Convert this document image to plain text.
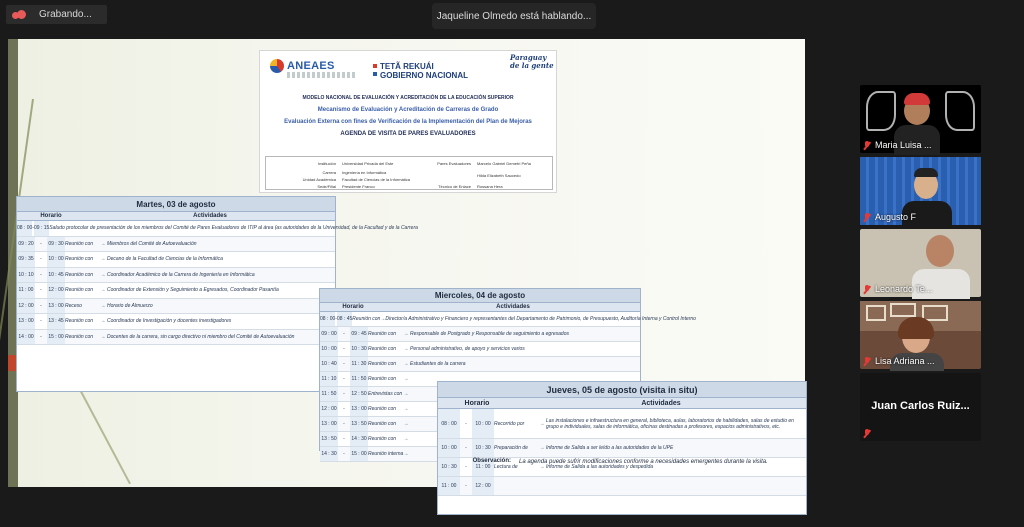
Grabando...	Jaqueline Olmedo está hablando...
ANEAES	TETÃ REKUÁI
GOBIERNO NACIONAL
Paraguay de la gente
MODELO NACIONAL DE EVALUACIÓN Y ACREDITACIÓN DE LA EDUCACIÓN SUPERIOR
Mecanismo de Evaluación y Acreditación de Carreras de Grado
Evaluación Externa con fines de Verificación de la Implementación del Plan de Mejoras
AGENDA DE VISITA DE PARES EVALUADORES
Institución Universidad Privada del Este
Carrera Ingeniería en Informática
Unidad Académica Facultad de Ciencias de la Informática
Sede/Filial Presidente Franco
Pares Evaluadores Marcelo Gabriel Demetri Peña
Hilda Elizabeth Saucedo
Técnico de Enlace Rossana Hera
Martes, 03 de agosto
Horario	Actividades
08 : 00 09 : 15 Saludo protocolar de presentación de los miembros del Comité de Pares Evaluadores de ITIP al área (as autoridades de la Universidad, de la Facultad y de la Carrera
09 : 20	-	09 : 30 Reunión con	→ Miembros del Comité de Autoevaluación
09 : 35	-	10 : 00 Reunión con	→ Decano de la Facultad de Ciencias de la Informática
10 : 10	-	10 : 45 Reunión con	→ Coordinador Académico de la Carrera de Ingeniería en Informática
11 : 00	-	12 : 00 Reunión con	→ Coordinador de Extensión y Seguimiento a Egresados, Coordinador Pasantía
12 : 00	-	13 : 00 Receso	→ Horario de Almuerzo
13 : 00	-	13 : 45 Reunión con	→ Coordinador de Investigación y docentes investigadores
14 : 00	-	15 : 00 Reunión con	→ Docentes de la carrera, sin cargo directivo ni miembro del Comité de Autoevaluación
Miercoles, 04 de agosto
Horario	Actividades
08 : 00 08 : 45 Reunión con → Director/a Administrativo y Financiero y representantes del Departamento de Patrimonio, de Presupuesto, Auditoría Interna y Control Interno
09 : 00	-	09 : 45 Reunión con	→ Responsable de Postgrado y Responsable de seguimiento a egresados
10 : 00	-	10 : 30 Reunión con	→ Personal administrativo, de apoyo y servicios varios
10 : 40	-	11 : 30 Reunión con	→ Estudiantes de la carrera
11 : 10	-	11 : 50 Reunión con	→
11 : 50	-	12 : 50 Entrevistas con →
12 : 00	-	13 : 00 Reunión con	→
13 : 00	-	13 : 50 Reunión con	→
13 : 50	-	14 : 30 Reunión con	→
14 : 30	-	15 : 00 Reunión interna →
Jueves, 05 de agosto (visita in situ)
Horario	Actividades
08 : 00	-	10 : 00 Recorrido por	→ Las instalaciones e infraestructura en general, biblioteca, aulas, laboratorios de habilidades, salas de estudio en grupo e individuales, salas de informática, oficinas destinadas a profesores, espacios administrativos, etc.
10 : 00	-	10 : 30 Preparación de	→ Informe de Salida a ser leído a las autoridades de la UPE
10 : 30	-	11 : 00 Lectura de	→ Informe de Salida a las autoridades y despedida
11 : 00	-	12 : 00
Observación:	La agenda puede sufrir modificaciones conforme a necesidades emergentes durante la visita.
Maria Luisa ...
Augusto F
Leonardo Te...
Lisa Adriana ...
Juan Carlos Ruiz...
